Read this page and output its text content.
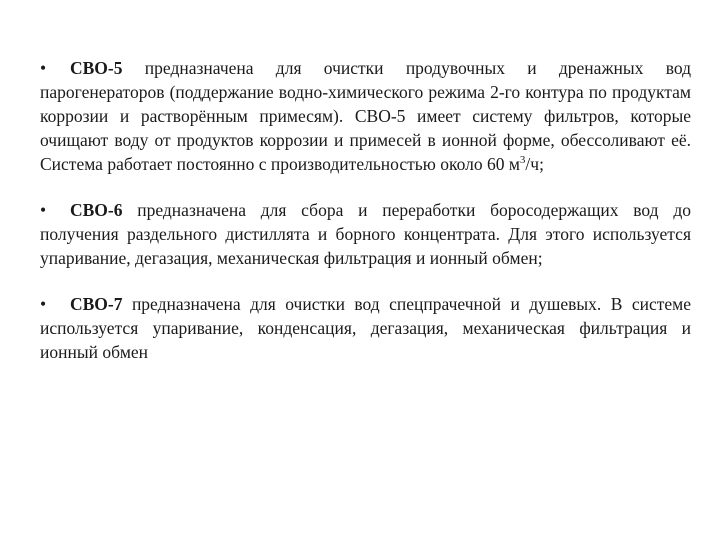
• СВО-5 предназначена для очистки продувочных и дренажных вод парогенераторов (поддержание водно-химического режима 2-го контура по продуктам коррозии и растворённым примесям). СВО-5 имеет систему фильтров, которые очищают воду от продуктов коррозии и примесей в ионной форме, обессоливают её. Система работает постоянно с производительностью около 60 $м^3/ч$;

• СВО-6 предназначена для сбора и переработки боросодержащих вод до получения раздельного дистиллята и борного концентрата. Для этого используется упаривание, дегазация, механическая фильтрация и ионный обмен;

• СВО-7 предназначена для очистки вод спецпрачечной и душевых. В системе используется упаривание, конденсация, дегазация, механическая фильтрация и ионный обмен
